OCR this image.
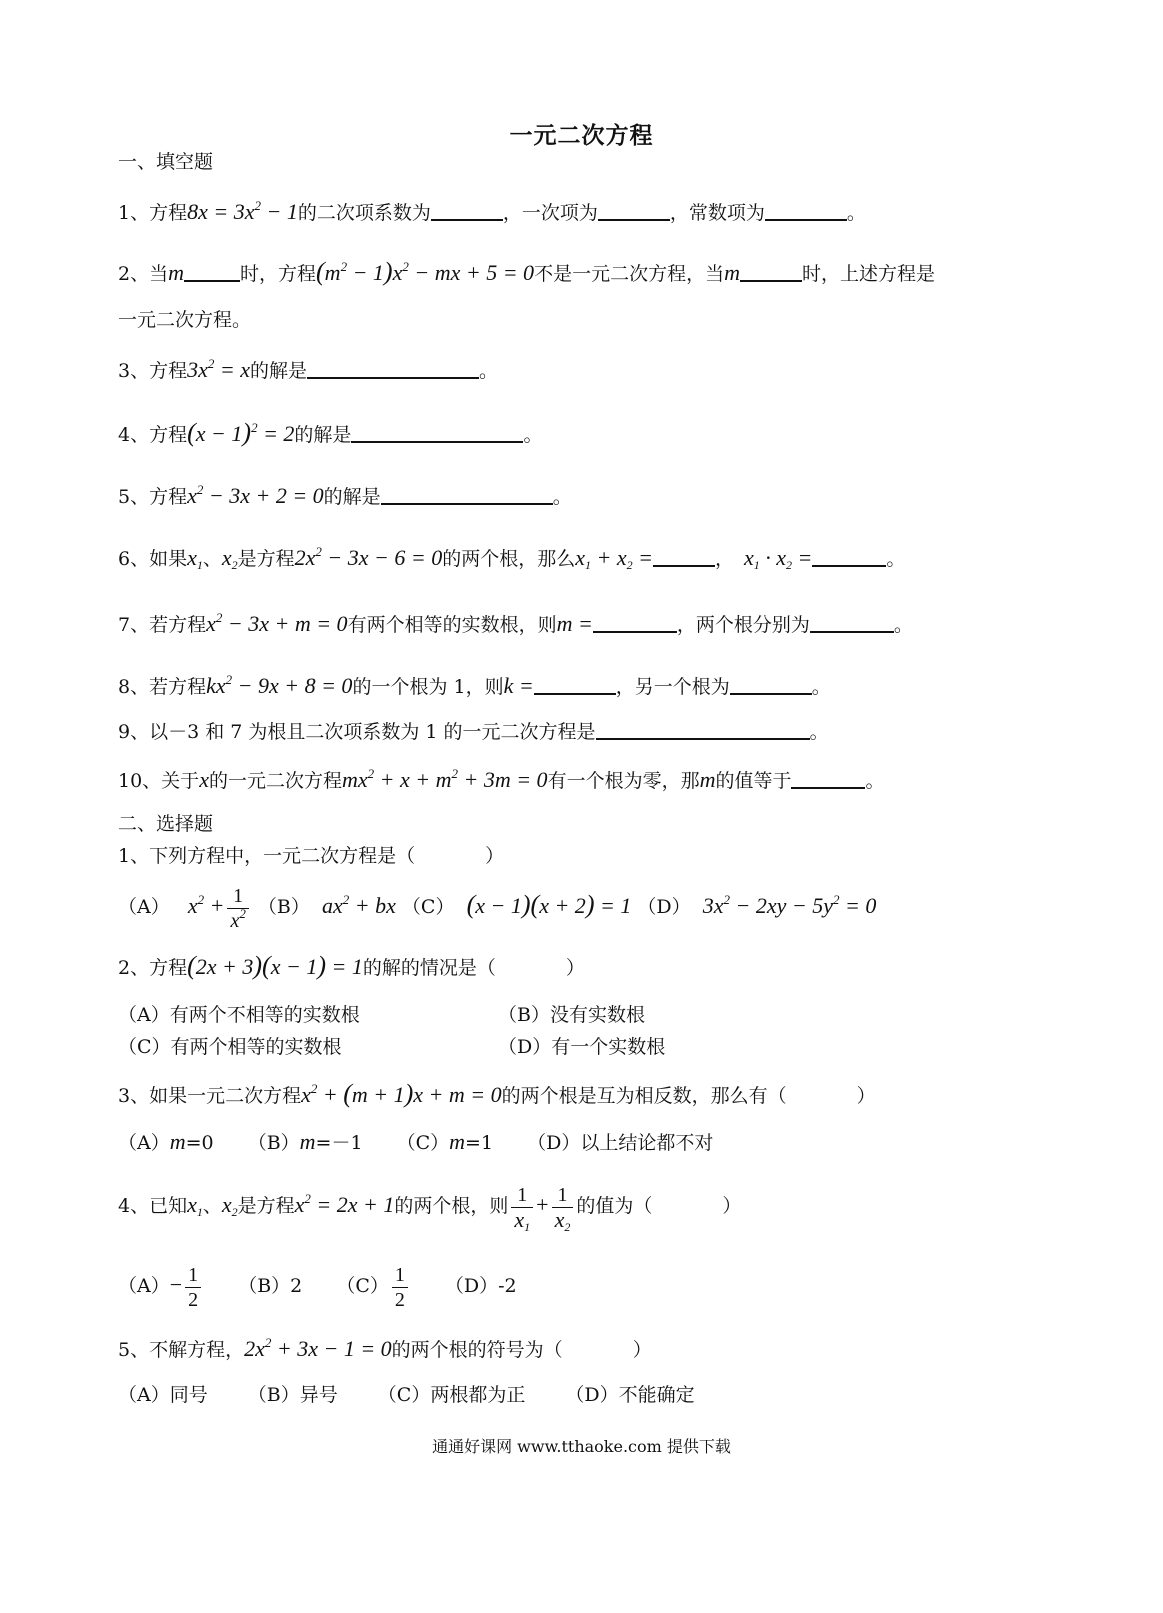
一元二次方程
一、填空题
1、方程$8x = 3x^2 - 1$的二次项系数为	，一次项为	，常数项为	。
2、当m	时，方程$(m^2 - 1)x^2$ − mx + 5 = 0不是一元二次方程，当m	时，上述方程是
一元二次方程。
3、方程$3x^2 = x$的解是	。
4、方程$(x - 1)^2 = 2$的解是	。
5、方程$x^2 - 3x + 2 = 0$的解是	。
6、如果$x_1$、$x_2$是方程$2x^2 - 3x - 6 = 0$的两个根，那么$x_1 + x_2$ =	， $x_1 \cdot x_2$ =	。
7、若方程$x^2 - 3x + m = 0$有两个相等的实数根，则m =	，两个根分别为	。
8、若方程$kx^2 - 9x + 8 = 0$的一个根为 1，则k =	，另一个根为	。
9、以－3 和 7 为根且二次项系数为 1 的一元二次方程是	。
10、关于x的一元二次方程$mx^2 + x + m^2 + 3m = 0$有一个根为零，那m的值等于	。
二、选择题
1、下列方程中，一元二次方程是（	）
（A） $x^2 + \frac{1}{x^2} (B) ax^2$ + bx （C） (x − 1)(x + 2) = 1 （D） $3x^2 - 2xy - 5y^2 = 0$
2、方程(2x + 3)(x − 1) = 1的解的情况是（	）
（A）有两个不相等的实数根	（B）没有实数根
（C）有两个相等的实数根	（D）有一个实数根
3、如果一元二次方程$x^2 + (m + 1)x + m = 0$的两个根是互为相反数，那么有（	）
（A）m=0 （B）m=－1 （C）m=1 （D）以上结论都不对
4、已知$x_1$、$x_2$是方程$x^2 = 2x + 1$的两个根，则 $\frac{1}{x_1} + \frac{1}{x_2}$ 的值为（	）
$(A)- \frac{1}{2} (B)2$ $(C) \frac{1}{2} (D)-2$
5、不解方程，$2x^2 + 3x - 1 = 0$的两个根的符号为（	）
（A）同号 （B）异号 （C）两根都为正 （D）不能确定
通通好课网 www.tthaoke.com 提供下载
